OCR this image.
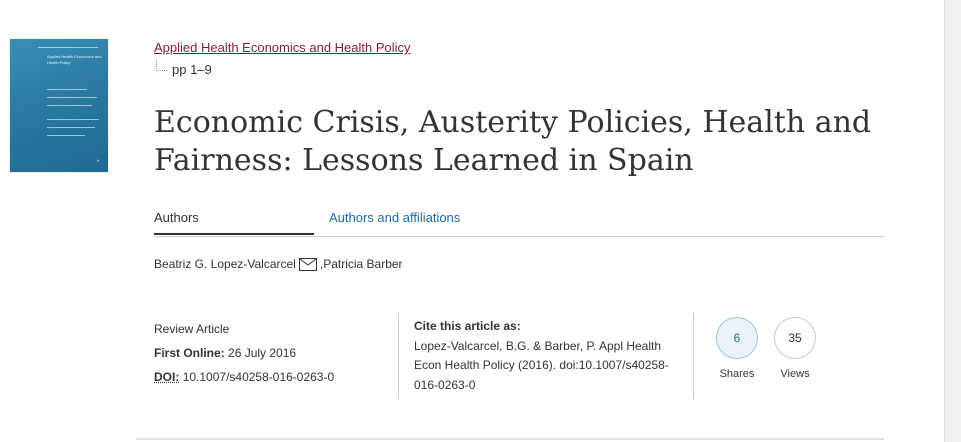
Applied Health Economics and Health Policy
◐
Applied Health Economics and Health Policy
pp 1–9
Economic Crisis, Austerity Policies, Health and Fairness: Lessons Learned in Spain
Authors	Authors and affiliations
Beatriz G. Lopez-Valcarcel , Patricia Barber
Review Article
First Online: 26 July 2016
DOI: 10.1007/s40258-016-0263-0
Cite this article as:
Lopez-Valcarcel, B.G. & Barber, P. Appl Health Econ Health Policy (2016). doi:10.1007/s40258-016-0263-0
6
Shares
35
Views
